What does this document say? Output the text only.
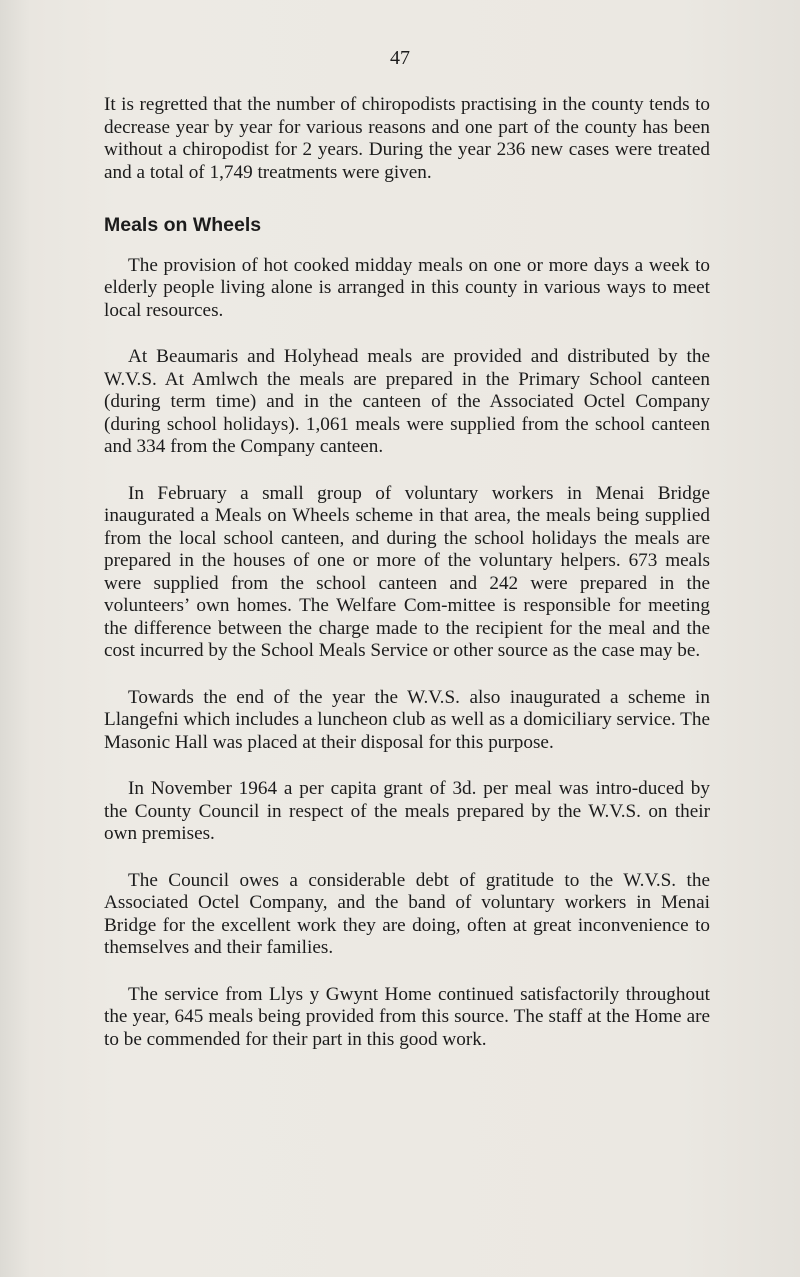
47

It is regretted that the number of chiropodists practising in the county tends to decrease year by year for various reasons and one part of the county has been without a chiropodist for 2 years. During the year 236 new cases were treated and a total of 1,749 treatments were given.

Meals on Wheels

The provision of hot cooked midday meals on one or more days a week to elderly people living alone is arranged in this county in various ways to meet local resources.

At Beaumaris and Holyhead meals are provided and distributed by the W.V.S. At Amlwch the meals are prepared in the Primary School canteen (during term time) and in the canteen of the Associated Octel Company (during school holidays). 1,061 meals were supplied from the school canteen and 334 from the Company canteen.

In February a small group of voluntary workers in Menai Bridge inaugurated a Meals on Wheels scheme in that area, the meals being supplied from the local school canteen, and during the school holidays the meals are prepared in the houses of one or more of the voluntary helpers. 673 meals were supplied from the school canteen and 242 were prepared in the volunteers’ own homes. The Welfare Com-mittee is responsible for meeting the difference between the charge made to the recipient for the meal and the cost incurred by the School Meals Service or other source as the case may be.

Towards the end of the year the W.V.S. also inaugurated a scheme in Llangefni which includes a luncheon club as well as a domiciliary service. The Masonic Hall was placed at their disposal for this purpose.

In November 1964 a per capita grant of 3d. per meal was intro-duced by the County Council in respect of the meals prepared by the W.V.S. on their own premises.

The Council owes a considerable debt of gratitude to the W.V.S. the Associated Octel Company, and the band of voluntary workers in Menai Bridge for the excellent work they are doing, often at great inconvenience to themselves and their families.

The service from Llys y Gwynt Home continued satisfactorily throughout the year, 645 meals being provided from this source. The staff at the Home are to be commended for their part in this good work.
